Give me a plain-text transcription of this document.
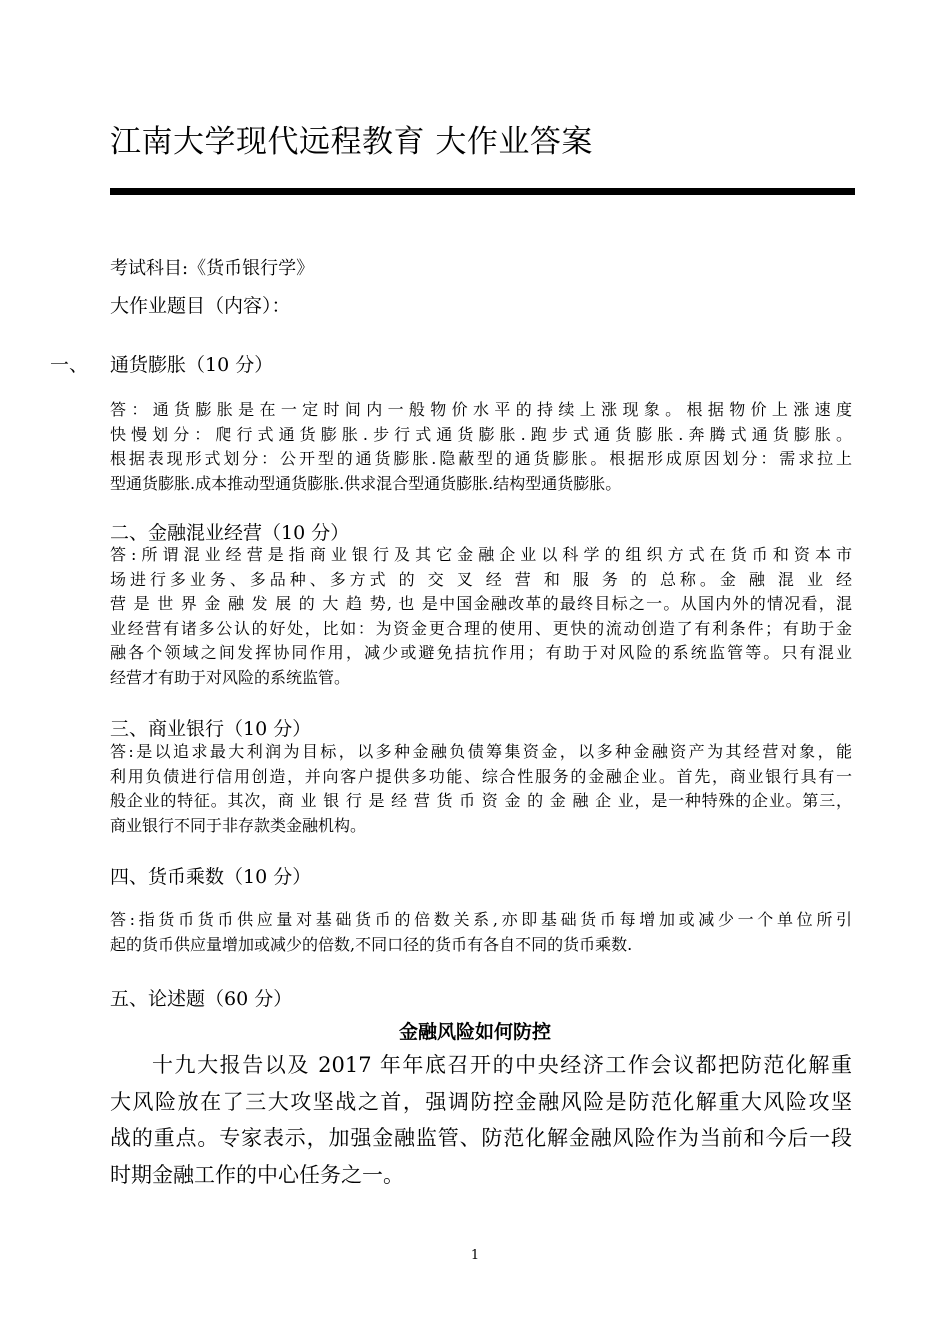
江南大学现代远程教育 大作业答案
考试科目:《货币银行学》
大作业题目（内容）：
一、 通货膨胀（10 分）
答：通货膨胀是在一定时间内一般物价水平的持续上涨现象。根据物价上涨速度
快慢划分：爬行式通货膨胀.步行式通货膨胀.跑步式通货膨胀.奔腾式通货膨胀。
根据表现形式划分：公开型的通货膨胀.隐蔽型的通货膨胀。根据形成原因划分：需求拉上
型通货膨胀.成本推动型通货膨胀.供求混合型通货膨胀.结构型通货膨胀。
二、金融混业经营（10 分）
答:所谓混业经营是指商业银行及其它金融企业以科学的组织方式在货币和资本市
场进行多业务、多品种、多方式 的 交 叉 经 营 和 服 务 的 总称。金 融 混 业 经
营 是 世 界 金 融 发 展 的 大 趋 势, 也 是中国金融改革的最终目标之一。从国内外的情况看，混
业经营有诸多公认的好处，比如：为资金更合理的使用、更快的流动创造了有利条件；有助于金
融各个领域之间发挥协同作用，减少或避免拮抗作用；有助于对风险的系统监管等。只有混业
经营才有助于对风险的系统监管。
三、商业银行（10 分）
答:是以追求最大利润为目标，以多种金融负债筹集资金，以多种金融资产为其经营对象，能
利用负债进行信用创造，并向客户提供多功能、综合性服务的金融企业。首先，商业银行具有一
般企业的特征。其次，商 业 银 行 是 经 营 货 币 资 金 的 金 融 企 业，是一种特殊的企业。第三，
商业银行不同于非存款类金融机构。
四、货币乘数（10 分）
答:指货币货币供应量对基础货币的倍数关系,亦即基础货币每增加或减少一个单位所引
起的货币供应量增加或减少的倍数,不同口径的货币有各自不同的货币乘数.
五、论述题（60 分）
金融风险如何防控
十九大报告以及 2017 年年底召开的中央经济工作会议都把防范化解重
大风险放在了三大攻坚战之首，强调防控金融风险是防范化解重大风险攻坚
战的重点。专家表示，加强金融监管、防范化解金融风险作为当前和今后一段
时期金融工作的中心任务之一。
1
